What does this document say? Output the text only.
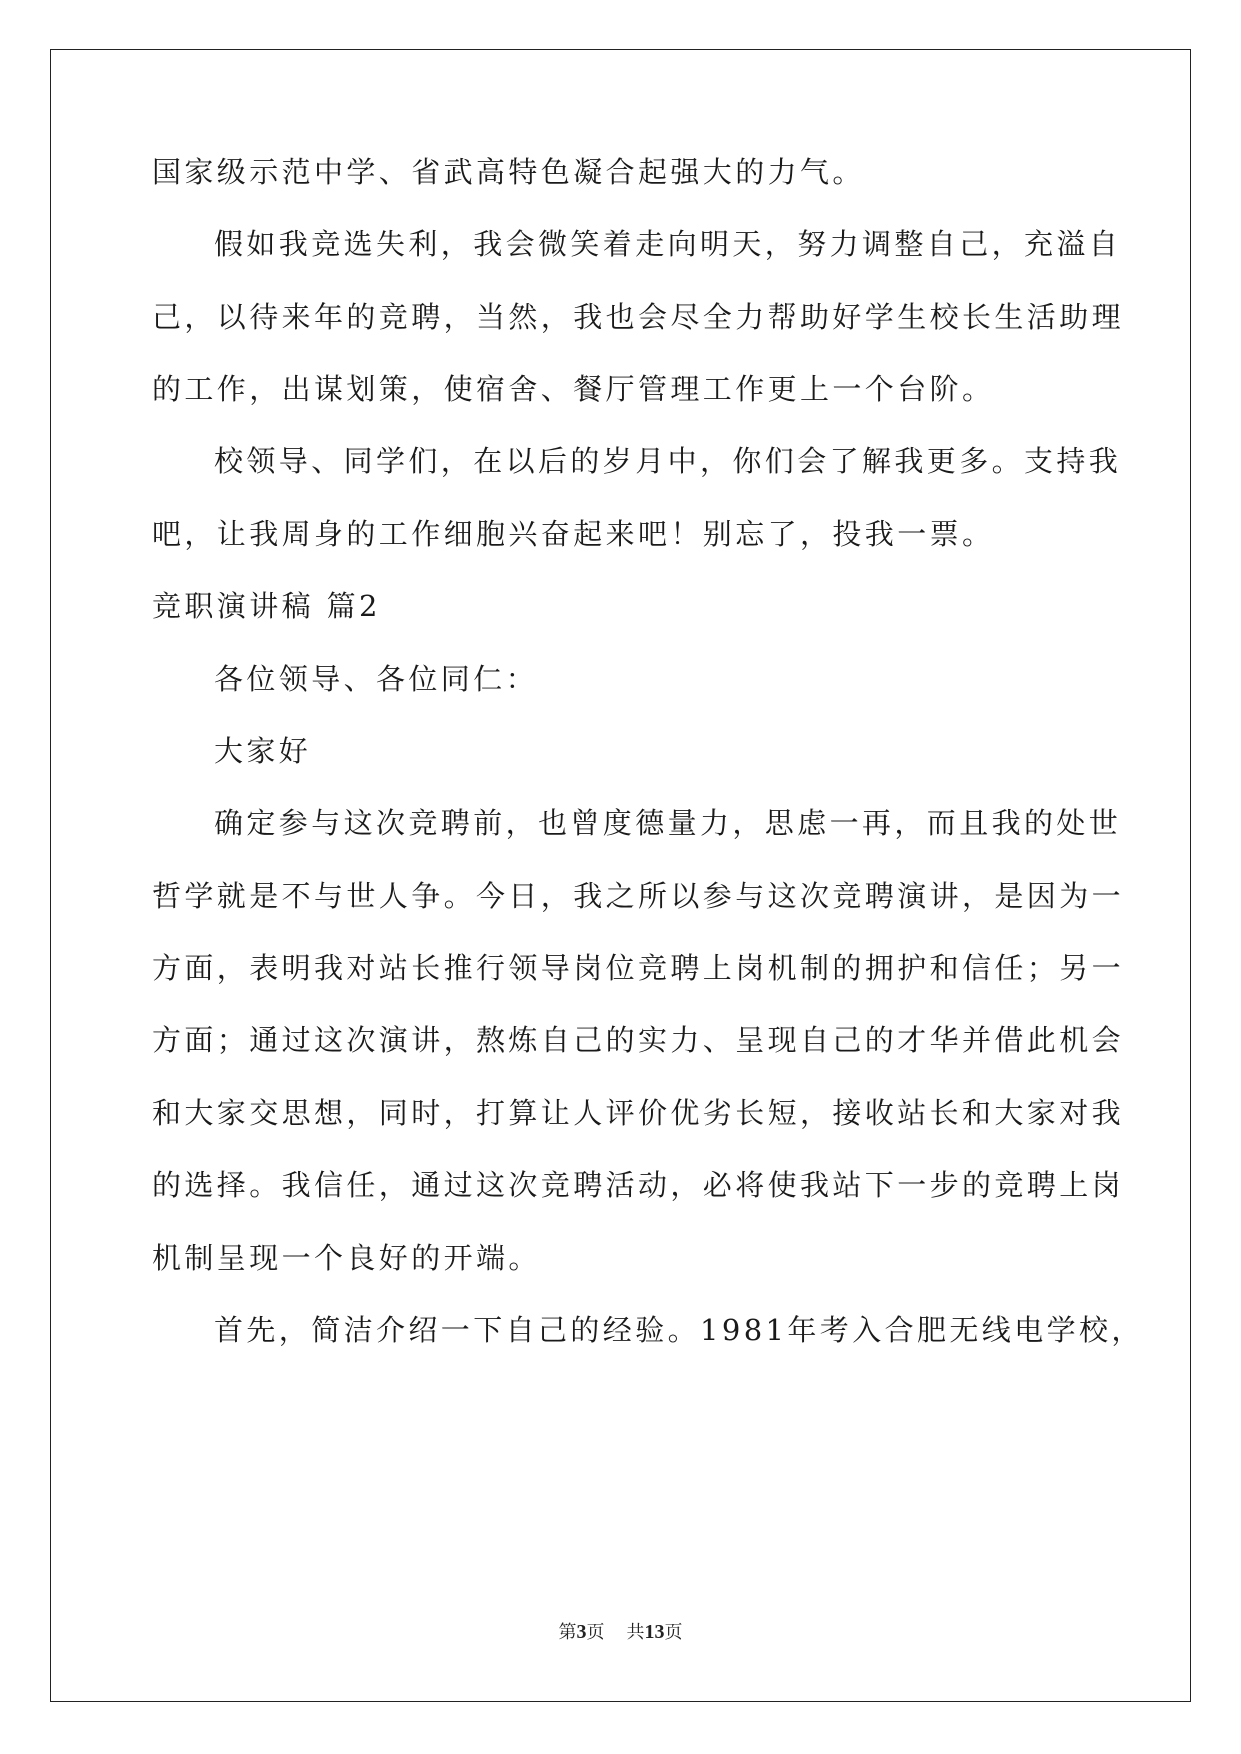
国家级示范中学、省武高特色凝合起强大的力气。

假如我竞选失利，我会微笑着走向明天，努力调整自己，充溢自

己，以待来年的竞聘，当然，我也会尽全力帮助好学生校长生活助理

的工作，出谋划策，使宿舍、餐厅管理工作更上一个台阶。

校领导、同学们，在以后的岁月中，你们会了解我更多。支持我

吧，让我周身的工作细胞兴奋起来吧！别忘了，投我一票。

竞职演讲稿 篇2

各位领导、各位同仁：

大家好

确定参与这次竞聘前，也曾度德量力，思虑一再，而且我的处世

哲学就是不与世人争。今日，我之所以参与这次竞聘演讲，是因为一

方面，表明我对站长推行领导岗位竞聘上岗机制的拥护和信任；另一

方面；通过这次演讲，熬炼自己的实力、呈现自己的才华并借此机会

和大家交思想，同时，打算让人评价优劣长短，接收站长和大家对我

的选择。我信任，通过这次竞聘活动，必将使我站下一步的竞聘上岗

机制呈现一个良好的开端。

首先，简洁介绍一下自己的经验。1981年考入合肥无线电学校，

第3页 共13页
